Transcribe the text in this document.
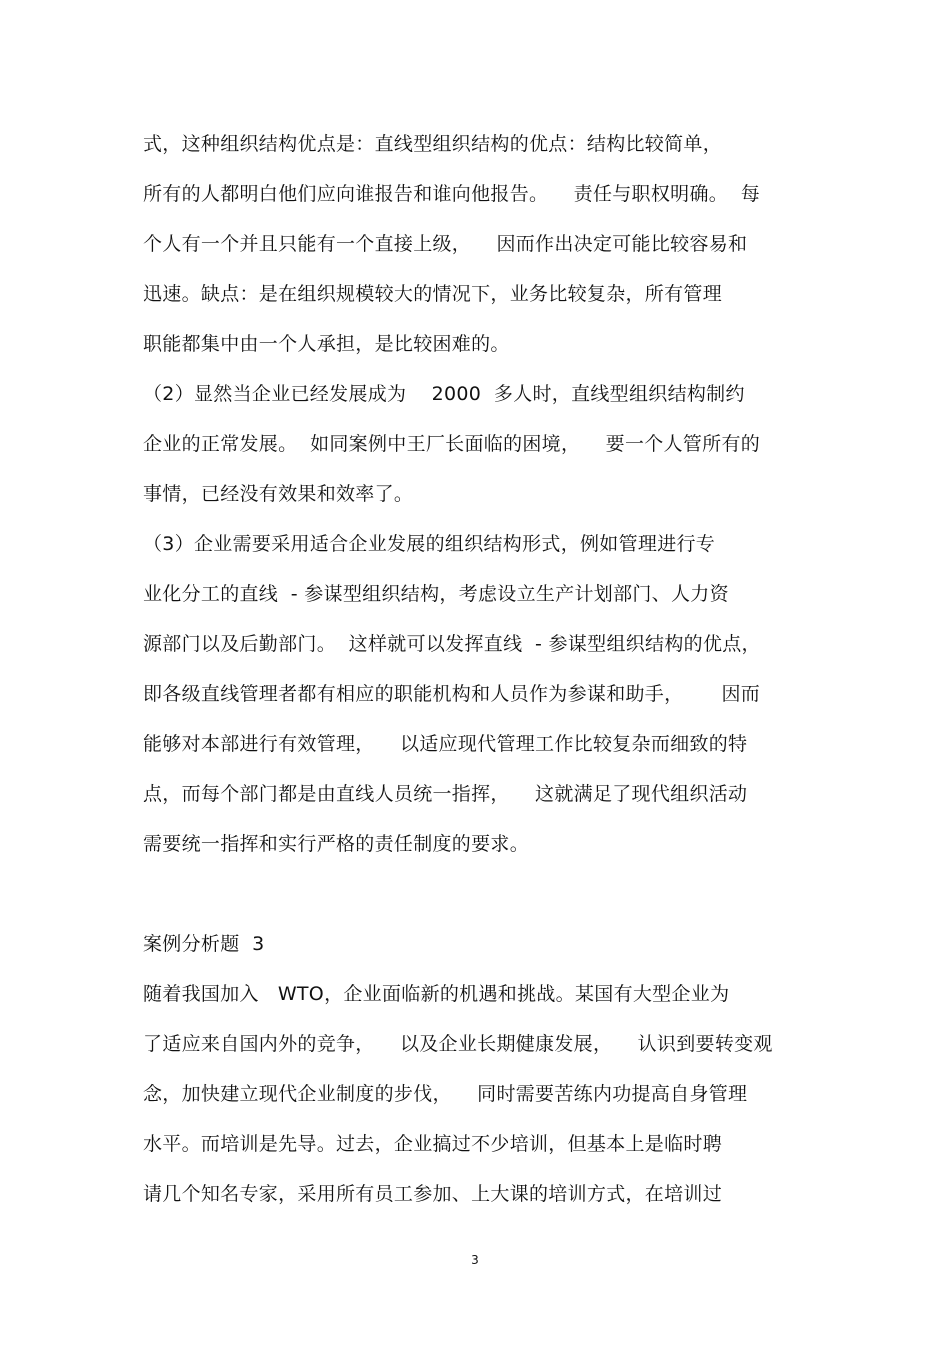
式，这种组织结构优点是：直线型组织结构的优点：结构比较简单，
所有的人都明白他们应向谁报告和谁向他报告。    责任与职权明确。  每
个人有一个并且只能有一个直接上级，    因而作出决定可能比较容易和
迅速。缺点：是在组织规模较大的情况下，业务比较复杂，所有管理
职能都集中由一个人承担，是比较困难的。
（2）显然当企业已经发展成为    2000  多人时，直线型组织结构制约
企业的正常发展。  如同案例中王厂长面临的困境，    要一个人管所有的
事情，已经没有效果和效率了。
（3）企业需要采用适合企业发展的组织结构形式，例如管理进行专
业化分工的直线  - 参谋型组织结构，考虑设立生产计划部门、人力资
源部门以及后勤部门。  这样就可以发挥直线  - 参谋型组织结构的优点，
即各级直线管理者都有相应的职能机构和人员作为参谋和助手，      因而
能够对本部进行有效管理，    以适应现代管理工作比较复杂而细致的特
点，而每个部门都是由直线人员统一指挥，    这就满足了现代组织活动
需要统一指挥和实行严格的责任制度的要求。
案例分析题  3
随着我国加入   WTO，企业面临新的机遇和挑战。某国有大型企业为
了适应来自国内外的竞争，    以及企业长期健康发展，    认识到要转变观
念，加快建立现代企业制度的步伐，    同时需要苦练内功提高自身管理
水平。而培训是先导。过去，企业搞过不少培训，但基本上是临时聘
请几个知名专家，采用所有员工参加、上大课的培训方式，在培训过
3
